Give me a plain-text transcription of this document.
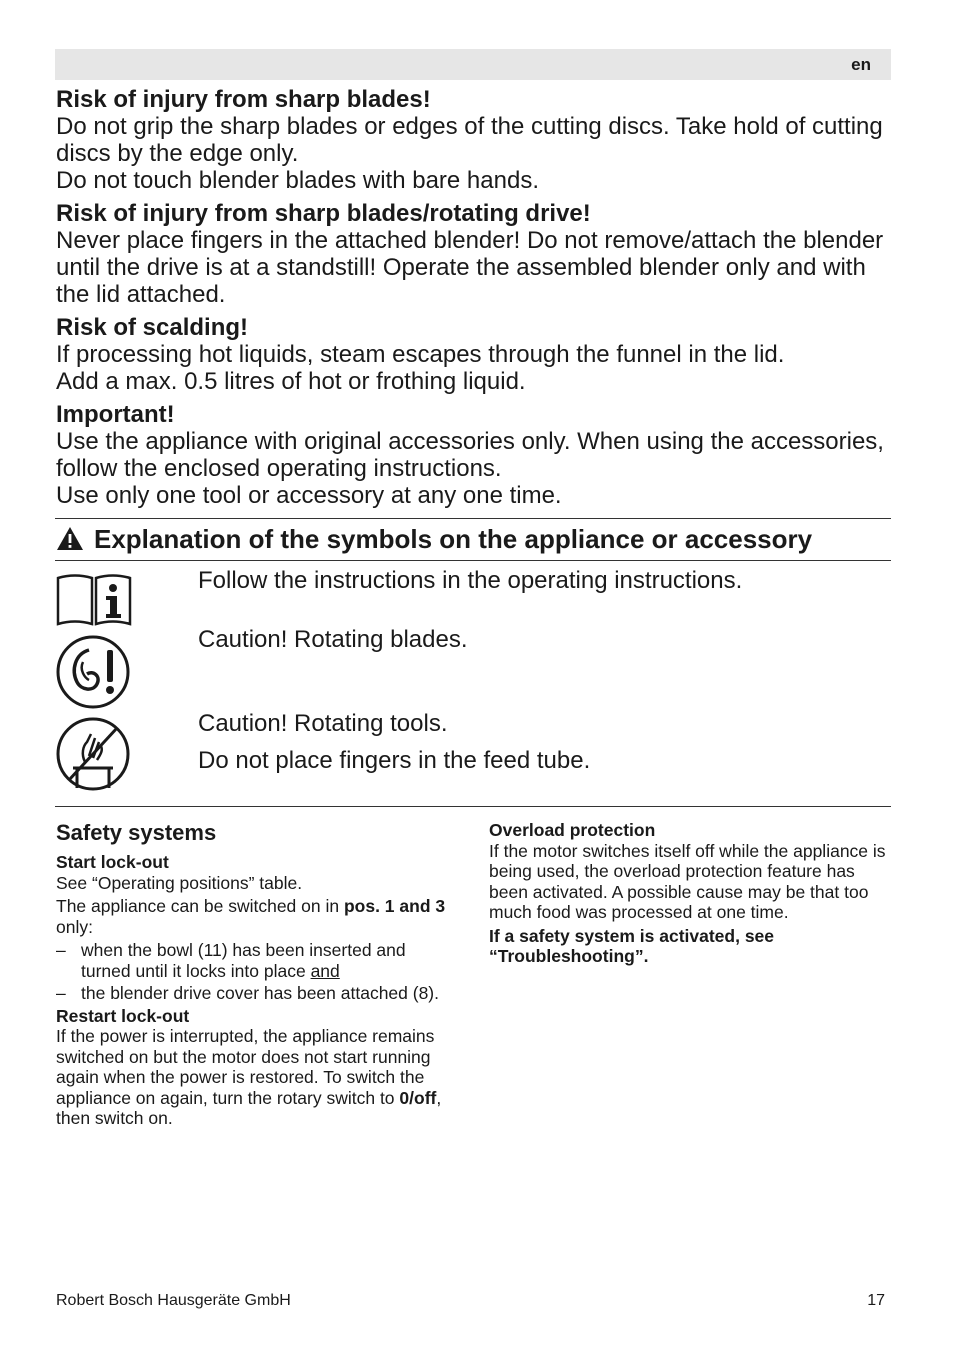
en
Risk of injury from sharp blades!

Do not grip the sharp blades or edges of the cutting discs. Take hold of cutting discs by the edge only.

Do not touch blender blades with bare hands.

Risk of injury from sharp blades/rotating drive!

Never place fingers in the attached blender! Do not remove/attach the blender until the drive is at a standstill! Operate the assembled blender only and with the lid attached.

Risk of scalding!

If processing hot liquids, steam escapes through the funnel in the lid.

Add a max. 0.5 litres of hot or frothing liquid.

Important!

Use the appliance with original accessories only. When using the accessories, follow the enclosed operating instructions.

Use only one tool or accessory at any one time.

Explanation of the symbols on the appliance or accessory
Follow the instructions in the operating instructions.
Caution! Rotating blades.
Caution! Rotating tools.
Do not place fingers in the feed tube.
Safety systems
Start lock-out

See “Operating positions” table.

The appliance can be switched on in pos. 1 and 3 only:

– when the bowl (11) has been inserted and turned until it locks into place and
– the blender drive cover has been attached (8).
Restart lock-out

If the power is interrupted, the appliance remains switched on but the motor does not start running again when the power is restored. To switch the appliance on again, turn the rotary switch to 0/off, then switch on.

Overload protection

If the motor switches itself off while the appliance is being used, the overload protection feature has been activated. A possible cause may be that too much food was processed at one time.

If a safety system is activated, see “Troubleshooting”.
Robert Bosch Hausgeräte GmbH	17
